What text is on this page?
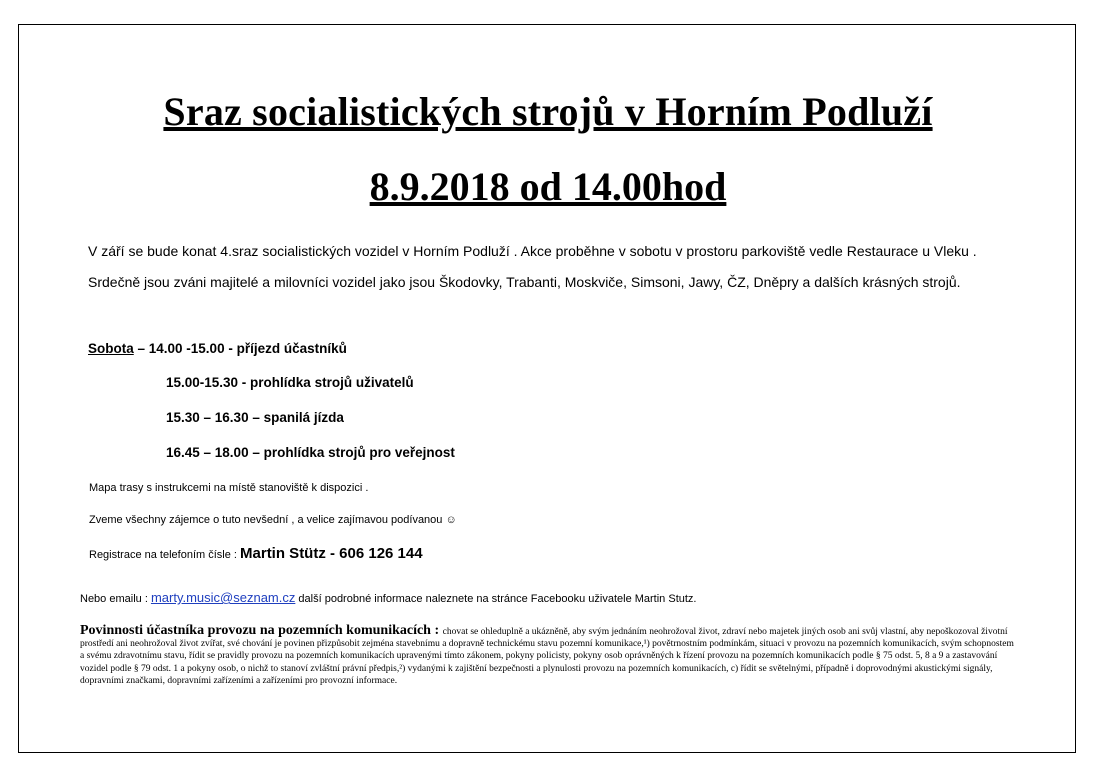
Sraz socialistických strojů v Horním Podluží
8.9.2018 od 14.00hod

V září se bude konat 4.sraz socialistických vozidel v Horním Podluží . Akce proběhne v sobotu v prostoru parkoviště vedle Restaurace u Vleku . Srdečně jsou zváni majitelé a milovníci vozidel jako jsou Škodovky, Trabanti, Moskviče, Simsoni, Jawy, ČZ, Dněpry a dalších krásných strojů.

Sobota – 14.00 -15.00 - příjezd účastníků
15.00-15.30 - prohlídka strojů uživatelů
15.30 – 16.30 – spanilá jízda
16.45 – 18.00 – prohlídka strojů pro veřejnost
Mapa trasy s instrukcemi na místě stanoviště k dispozici .
Zveme všechny zájemce o tuto nevšední , a velice zajímavou podívanou ☺
Registrace na telefoním čísle : Martin Stütz - 606 126 144
Nebo emailu : marty.music@seznam.cz další podrobné informace naleznete na stránce Facebooku uživatele Martin Stutz.

Povinnosti účastníka provozu na pozemních komunikacích : chovat se ohleduplně a ukázněně, aby svým jednáním neohrožoval život, zdraví nebo majetek jiných osob ani svůj vlastní, aby nepoškozoval životní prostředí ani neohrožoval život zvířat, své chování je povinen přizpůsobit zejména stavebnímu a dopravně technickému stavu pozemní komunikace,¹) povětrnostním podmínkám, situaci v provozu na pozemních komunikacích, svým schopnostem a svému zdravotnímu stavu, řídit se pravidly provozu na pozemních komunikacích upravenými tímto zákonem, pokyny policisty, pokyny osob oprávněných k řízení provozu na pozemních komunikacích podle § 75 odst. 5, 8 a 9 a zastavování vozidel podle § 79 odst. 1 a pokyny osob, o nichž to stanoví zvláštní právní předpis,²) vydanými k zajištění bezpečnosti a plynulosti provozu na pozemních komunikacích, c) řídit se světelnými, případně i doprovodnými akustickými signály, dopravními značkami, dopravními zařízeními a zařízeními pro provozní informace.
